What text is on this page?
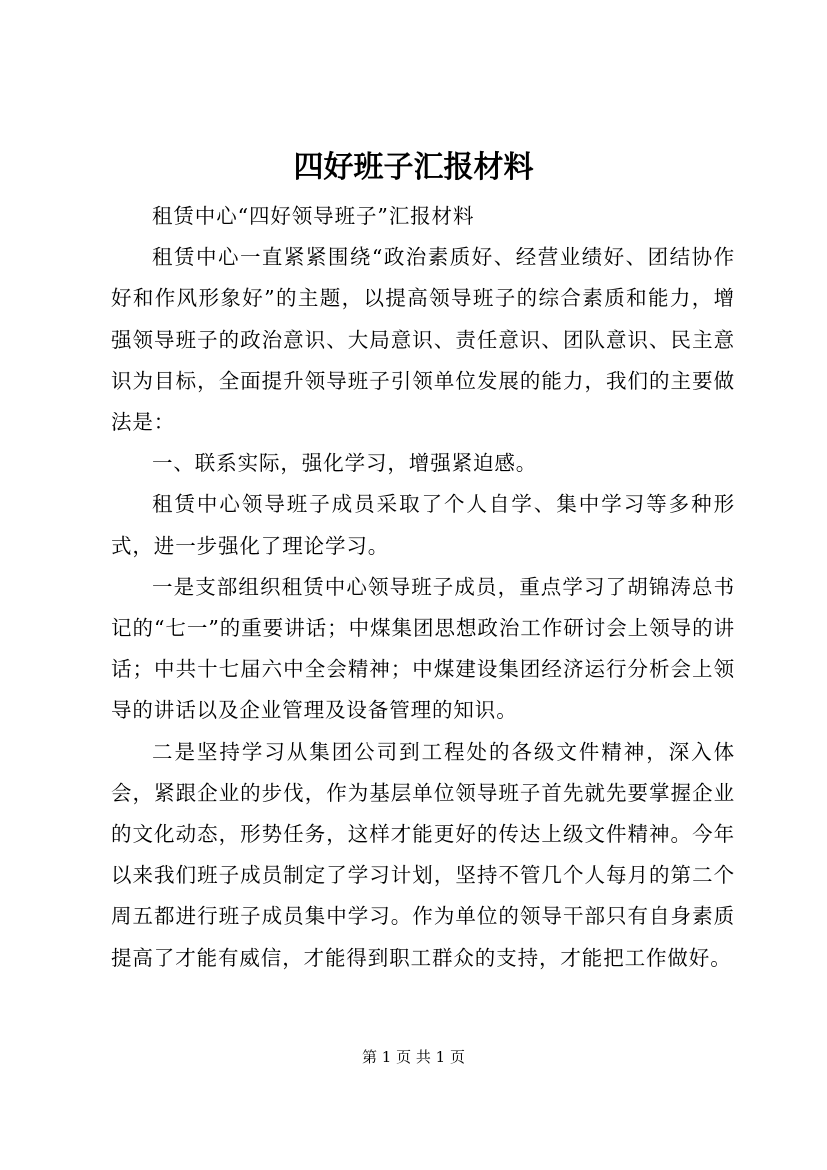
四好班子汇报材料

租赁中心“四好领导班子”汇报材料

租赁中心一直紧紧围绕“政治素质好、经营业绩好、团结协作好和作风形象好”的主题，以提高领导班子的综合素质和能力，增强领导班子的政治意识、大局意识、责任意识、团队意识、民主意识为目标，全面提升领导班子引领单位发展的能力，我们的主要做法是：

一、联系实际，强化学习，增强紧迫感。

租赁中心领导班子成员采取了个人自学、集中学习等多种形式，进一步强化了理论学习。

一是支部组织租赁中心领导班子成员，重点学习了胡锦涛总书记的“七一”的重要讲话；中煤集团思想政治工作研讨会上领导的讲话；中共十七届六中全会精神；中煤建设集团经济运行分析会上领导的讲话以及企业管理及设备管理的知识。

二是坚持学习从集团公司到工程处的各级文件精神，深入体会，紧跟企业的步伐，作为基层单位领导班子首先就先要掌握企业的文化动态，形势任务，这样才能更好的传达上级文件精神。今年以来我们班子成员制定了学习计划，坚持不管几个人每月的第二个周五都进行班子成员集中学习。作为单位的领导干部只有自身素质提高了才能有威信，才能得到职工群众的支持，才能把工作做好。

第 1 页 共 1 页
